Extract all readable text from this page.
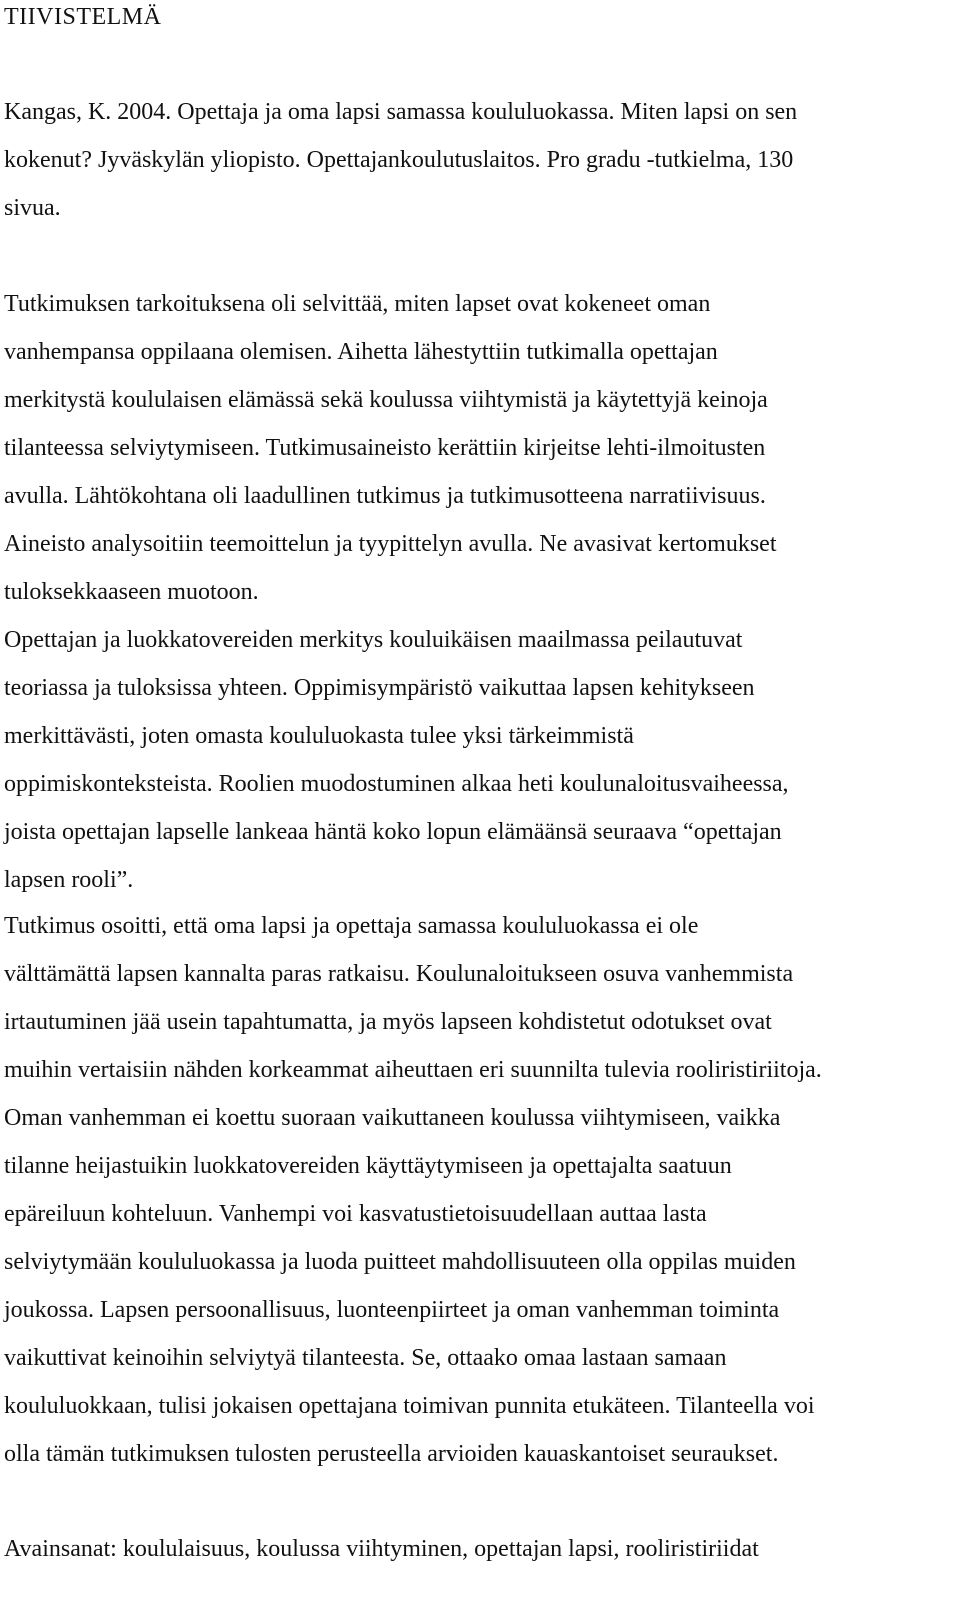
TIIVISTELMÄ

Kangas, K. 2004. Opettaja ja oma lapsi samassa koululuokassa. Miten lapsi on sen
kokenut? Jyväskylän yliopisto. Opettajankoulutuslaitos. Pro gradu -tutkielma, 130
sivua.

Tutkimuksen tarkoituksena oli selvittää, miten lapset ovat kokeneet oman
vanhempansa oppilaana olemisen. Aihetta lähestyttiin tutkimalla opettajan
merkitystä koululaisen elämässä sekä koulussa viihtymistä ja käytettyjä keinoja
tilanteessa selviytymiseen. Tutkimusaineisto kerättiin kirjeitse lehti-ilmoitusten
avulla. Lähtökohtana oli laadullinen tutkimus ja tutkimusotteena narratiivisuus.
Aineisto analysoitiin teemoittelun ja tyypittelyn avulla. Ne avasivat kertomukset
tuloksekkaaseen muotoon.

Opettajan ja luokkatovereiden merkitys kouluikäisen maailmassa peilautuvat
teoriassa ja tuloksissa yhteen. Oppimisympäristö vaikuttaa lapsen kehitykseen
merkittävästi, joten omasta koululuokasta tulee yksi tärkeimmistä
oppimiskonteksteista. Roolien muodostuminen alkaa heti koulunaloitusvaiheessa,
joista opettajan lapselle lankeaa häntä koko lopun elämäänsä seuraava “opettajan
lapsen rooli”.

Tutkimus osoitti, että oma lapsi ja opettaja samassa koululuokassa ei ole
välttämättä lapsen kannalta paras ratkaisu. Koulunaloitukseen osuva vanhemmista
irtautuminen jää usein tapahtumatta, ja myös lapseen kohdistetut odotukset ovat
muihin vertaisiin nähden korkeammat aiheuttaen eri suunnilta tulevia rooliristiriitoja.
Oman vanhemman ei koettu suoraan vaikuttaneen koulussa viihtymiseen, vaikka
tilanne heijastuikin luokkatovereiden käyttäytymiseen ja opettajalta saatuun
epäreiluun kohteluun. Vanhempi voi kasvatustietoisuudellaan auttaa lasta
selviytymään koululuokassa ja luoda puitteet mahdollisuuteen olla oppilas muiden
joukossa. Lapsen persoonallisuus, luonteenpiirteet ja oman vanhemman toiminta
vaikuttivat keinoihin selviytyä tilanteesta. Se, ottaako omaa lastaan samaan
koululuokkaan, tulisi jokaisen opettajana toimivan punnita etukäteen. Tilanteella voi
olla tämän tutkimuksen tulosten perusteella arvioiden kauaskantoiset seuraukset.

Avainsanat: koululaisuus, koulussa viihtyminen, opettajan lapsi, rooliristiriidat
